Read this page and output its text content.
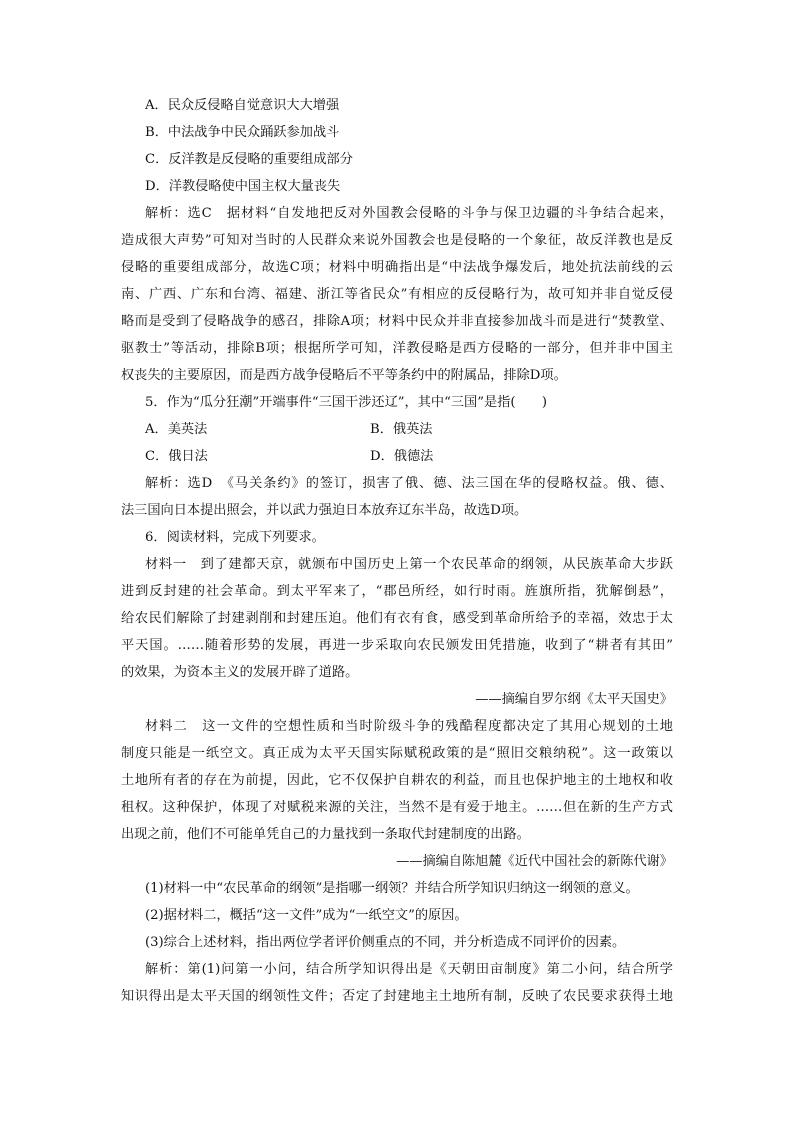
A．民众反侵略自觉意识大大增强
B．中法战争中民众踊跃参加战斗
C．反洋教是反侵略的重要组成部分
D．洋教侵略使中国主权大量丧失
解析：选C　据材料“自发地把反对外国教会侵略的斗争与保卫边疆的斗争结合起来，
造成很大声势”可知对当时的人民群众来说外国教会也是侵略的一个象征，故反洋教也是反
侵略的重要组成部分，故选C项；材料中明确指出是“中法战争爆发后，地处抗法前线的云
南、广西、广东和台湾、福建、浙江等省民众”有相应的反侵略行为，故可知并非自觉反侵
略而是受到了侵略战争的感召，排除A项；材料中民众并非直接参加战斗而是进行“焚教堂、
驱教士”等活动，排除B项；根据所学可知，洋教侵略是西方侵略的一部分，但并非中国主
权丧失的主要原因，而是西方战争侵略后不平等条约中的附属品，排除D项。
5．作为“瓜分狂潮”开端事件“三国干涉还辽”，其中“三国”是指(　　)
A．美英法	B．俄英法
C．俄日法	D．俄德法
解析：选D　《马关条约》的签订，损害了俄、德、法三国在华的侵略权益。俄、德、
法三国向日本提出照会，并以武力强迫日本放弃辽东半岛，故选D项。
6．阅读材料，完成下列要求。
材料一　到了建都天京，就颁布中国历史上第一个农民革命的纲领，从民族革命大步跃
进到反封建的社会革命。到太平军来了，“郡邑所经，如行时雨。旌旗所指，犹解倒悬”，
给农民们解除了封建剥削和封建压迫。他们有衣有食，感受到革命所给予的幸福，效忠于太
平天国。……随着形势的发展，再进一步采取向农民颁发田凭措施，收到了“耕者有其田”
的效果，为资本主义的发展开辟了道路。
——摘编自罗尔纲《太平天国史》
材料二　这一文件的空想性质和当时阶级斗争的残酷程度都决定了其用心规划的土地
制度只能是一纸空文。真正成为太平天国实际赋税政策的是“照旧交粮纳税”。这一政策以
土地所有者的存在为前提，因此，它不仅保护自耕农的利益，而且也保护地主的土地权和收
租权。这种保护，体现了对赋税来源的关注，当然不是有爱于地主。……但在新的生产方式
出现之前，他们不可能单凭自己的力量找到一条取代封建制度的出路。
——摘编自陈旭麓《近代中国社会的新陈代谢》
(1)材料一中“农民革命的纲领”是指哪一纲领？并结合所学知识归纳这一纲领的意义。
(2)据材料二，概括“这一文件”成为“一纸空文”的原因。
(3)综合上述材料，指出两位学者评价侧重点的不同，并分析造成不同评价的因素。
解析：第(1)问第一小问，结合所学知识得出是《天朝田亩制度》第二小问，结合所学
知识得出是太平天国的纲领性文件；否定了封建地主土地所有制，反映了农民要求获得土地
